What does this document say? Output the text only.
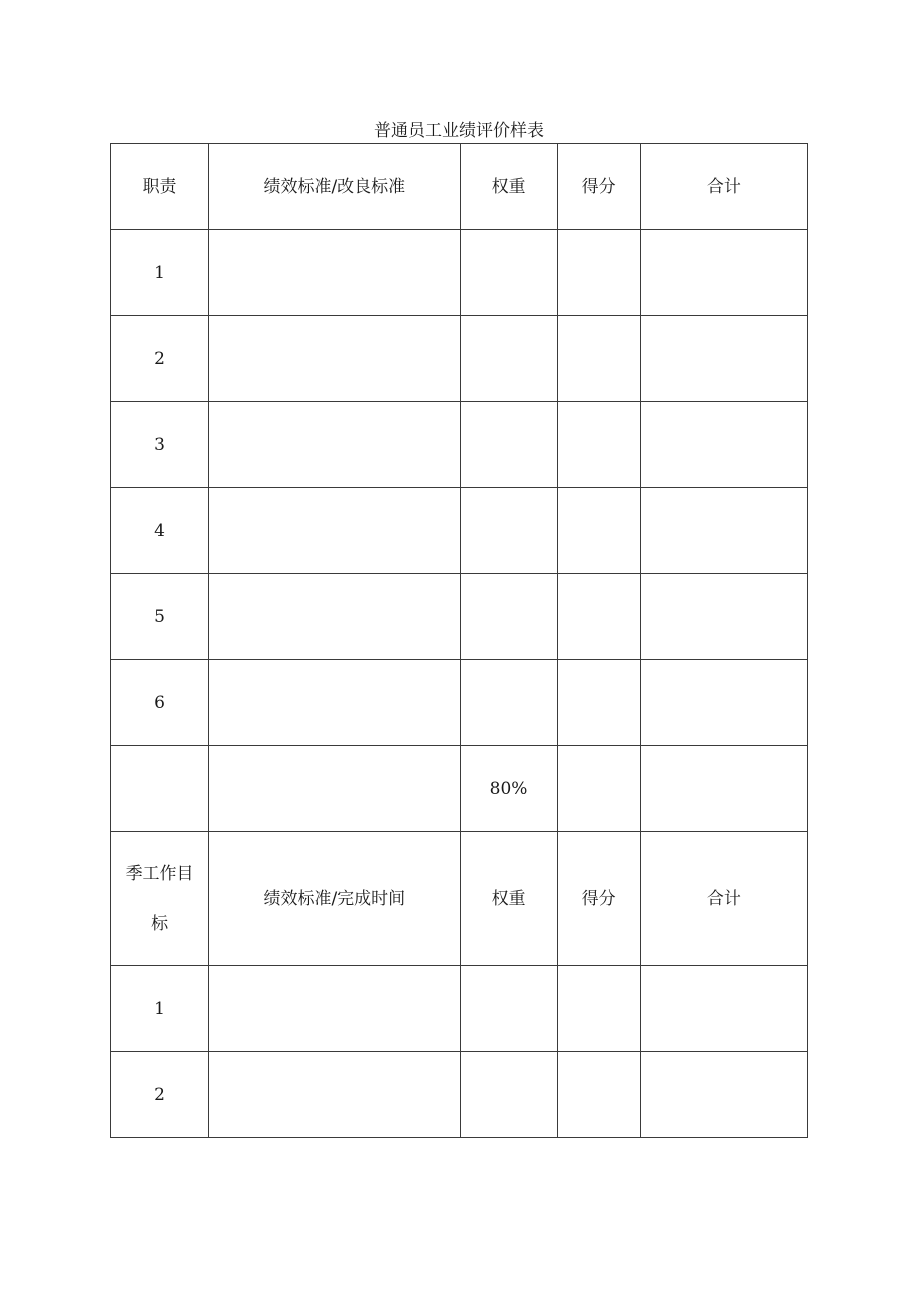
普通员工业绩评价样表
职责	绩效标准/改良标准	权重	得分	合计
1				
2				
3				
4				
5				
6				
		80%		
季工作目标	绩效标准/完成时间	权重	得分	合计
1				
2				
